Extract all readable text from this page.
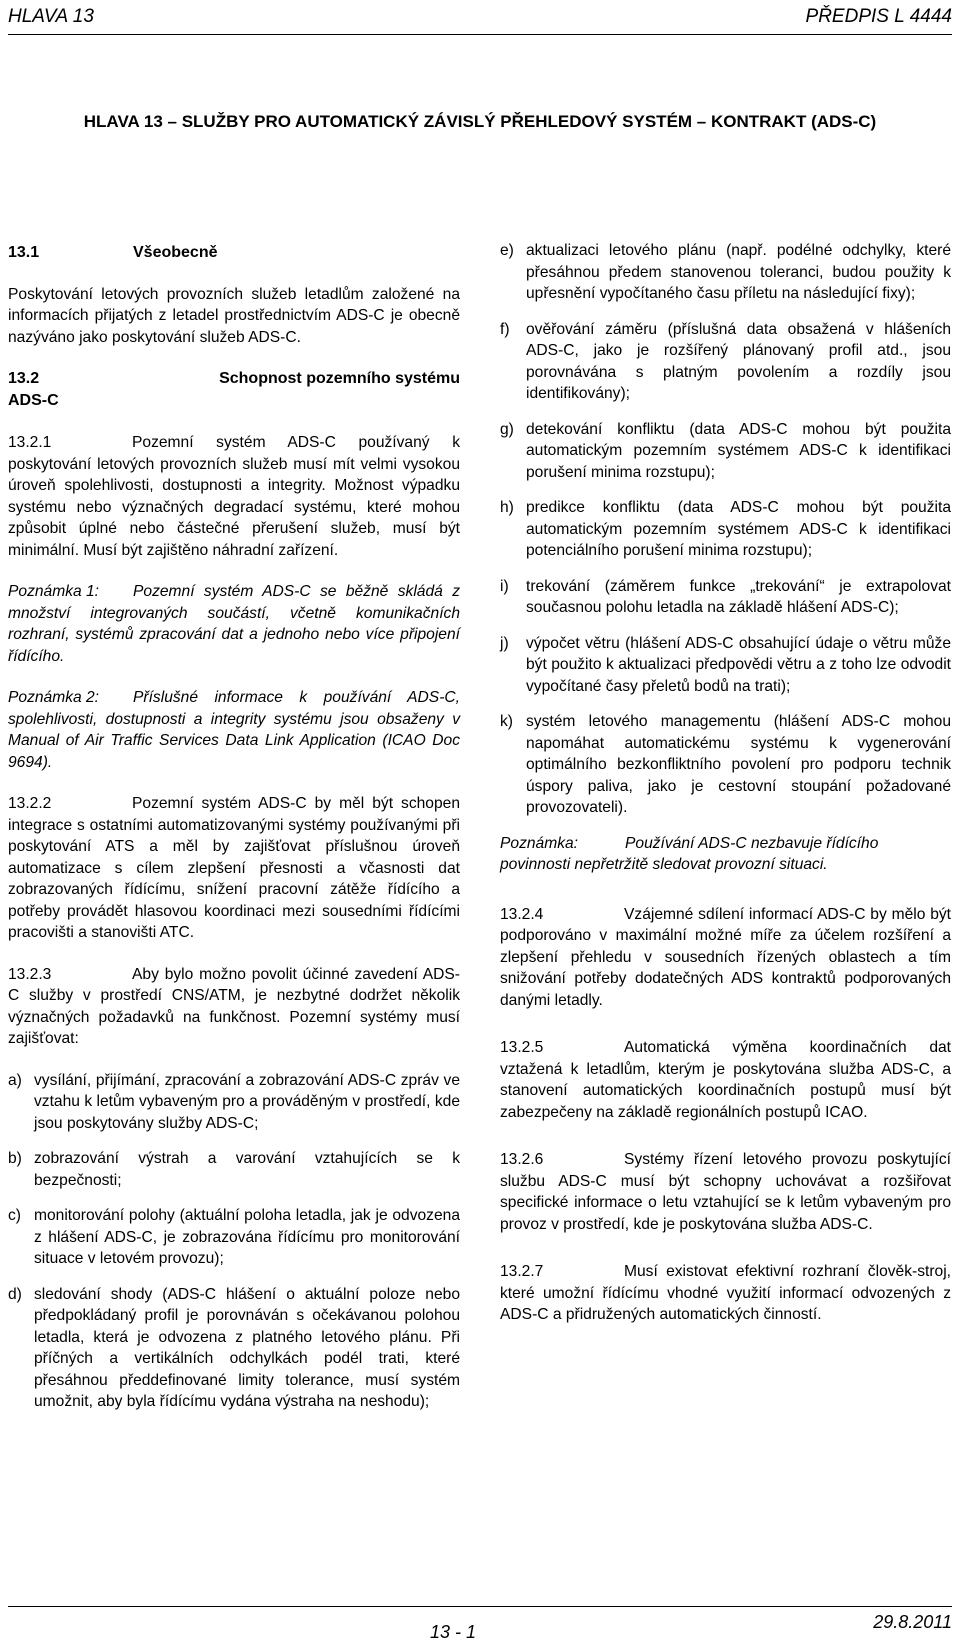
HLAVA 13	PŘEDPIS L 4444
HLAVA 13 – SLUŽBY PRO AUTOMATICKÝ ZÁVISLÝ PŘEHLEDOVÝ SYSTÉM – KONTRAKT (ADS-C)
13.1	Všeobecně

Poskytování letových provozních služeb letadlům založené na informacích přijatých z letadel prostřednictvím ADS-C je obecně nazýváno jako poskytování služeb ADS-C.

13.2	Schopnost pozemního systému
ADS-C

13.2.1	Pozemní systém ADS-C používaný k poskytování letových provozních služeb musí mít velmi vysokou úroveň spolehlivosti, dostupnosti a integrity. Možnost výpadku systému nebo význačných degradací systému, které mohou způsobit úplné nebo částečné přerušení služeb, musí být minimální. Musí být zajištěno náhradní zařízení.

Poznámka 1: Pozemní systém ADS-C se běžně skládá z množství integrovaných součástí, včetně komunikačních rozhraní, systémů zpracování dat a jednoho nebo více připojení řídícího.

Poznámka 2: Příslušné informace k používání ADS-C, spolehlivosti, dostupnosti a integrity systému jsou obsaženy v Manual of Air Traffic Services Data Link Application (ICAO Doc 9694).

13.2.2	Pozemní systém ADS-C by měl být schopen integrace s ostatními automatizovanými systémy používanými při poskytování ATS a měl by zajišťovat příslušnou úroveň automatizace s cílem zlepšení přesnosti a včasnosti dat zobrazovaných řídícímu, snížení pracovní zátěže řídícího a potřeby provádět hlasovou koordinaci mezi sousedními řídícími pracovišti a stanovišti ATC.

13.2.3	Aby bylo možno povolit účinné zavedení ADS-C služby v prostředí CNS/ATM, je nezbytné dodržet několik význačných požadavků na funkčnost. Pozemní systémy musí zajišťovat:

a) vysílání, přijímání, zpracování a zobrazování ADS-C zpráv ve vztahu k letům vybaveným pro a prováděným v prostředí, kde jsou poskytovány služby ADS-C;
b) zobrazování výstrah a varování vztahujících se k bezpečnosti;
c) monitorování polohy (aktuální poloha letadla, jak je odvozena z hlášení ADS-C, je zobrazována řídícímu pro monitorování situace v letovém provozu);
d) sledování shody (ADS-C hlášení o aktuální poloze nebo předpokládaný profil je porovnáván s očekávanou polohou letadla, která je odvozena z platného letového plánu. Při příčných a vertikálních odchylkách podél trati, které přesáhnou předdefinované limity tolerance, musí systém umožnit, aby byla řídícímu vydána výstraha na neshodu);
e) aktualizaci letového plánu (např. podélné odchylky, které přesáhnou předem stanovenou toleranci, budou použity k upřesnění vypočítaného času příletu na následující fixy);
f)	ověřování záměru (příslušná data obsažená v hlášeních ADS-C, jako je rozšířený plánovaný profil atd., jsou porovnávána s platným povolením a rozdíly jsou identifikovány);
g) detekování konfliktu (data ADS-C mohou být použita automatickým pozemním systémem ADS-C k identifikaci porušení minima rozstupu);
h) predikce konfliktu (data ADS-C mohou být použita automatickým pozemním systémem ADS-C k identifikaci potenciálního porušení minima rozstupu);
i)	trekování (záměrem funkce „trekování“ je extrapolovat současnou polohu letadla na základě hlášení ADS-C);
j)	výpočet větru (hlášení ADS-C obsahující údaje o větru může být použito k aktualizaci předpovědi větru a z toho lze odvodit vypočítané časy přeletů bodů na trati);
k) systém letového managementu (hlášení ADS-C mohou napomáhat automatickému systému k vygenerování optimálního bezkonfliktního povolení pro podporu technik úspory paliva, jako je cestovní stoupání požadované provozovateli).

Poznámka:	Používání ADS-C nezbavuje řídícího povinnosti nepřetržitě sledovat provozní situaci.

13.2.4	Vzájemné sdílení informací ADS-C by mělo být podporováno v maximální možné míře za účelem rozšíření a zlepšení přehledu v sousedních řízených oblastech a tím snižování potřeby dodatečných ADS kontraktů podporovaných danými letadly.

13.2.5	Automatická výměna koordinačních dat vztažená k letadlům, kterým je poskytována služba ADS-C, a stanovení automatických koordinačních postupů musí být zabezpečeny na základě regionálních postupů ICAO.

13.2.6	Systémy řízení letového provozu poskytující službu ADS-C musí být schopny uchovávat a rozšiřovat specifické informace o letu vztahující se k letům vybaveným pro provoz v prostředí, kde je poskytována služba ADS-C.

13.2.7	Musí existovat efektivní rozhraní člověk-stroj, které umožní řídícímu vhodné využití informací odvozených z ADS-C a přidružených automatických činností.

13 - 1	29.8.2011
